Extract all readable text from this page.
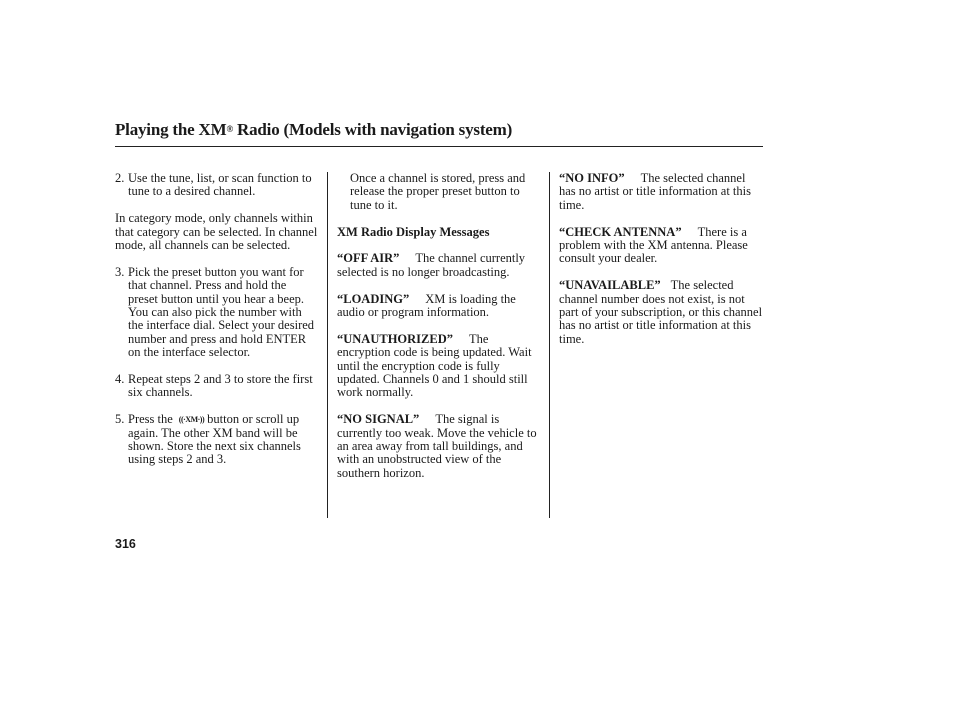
Playing the XM® Radio (Models with navigation system)
2. Use the tune, list, or scan function to tune to a desired channel.

In category mode, only channels within that category can be selected. In channel mode, all channels can be selected.

3. Pick the preset button you want for that channel. Press and hold the preset button until you hear a beep. You can also pick the number with the interface dial. Select your desired number and press and hold ENTER on the interface selector.
4. Repeat steps 2 and 3 to store the first six channels.
5. Press the ((·XM·)) button or scroll up again. The other XM band will be shown. Store the next six channels using steps 2 and 3.

Once a channel is stored, press and release the proper preset button to tune to it.

XM Radio Display Messages

“OFF AIR” The channel currently selected is no longer broadcasting.

“LOADING” XM is loading the audio or program information.

“UNAUTHORIZED” The encryption code is being updated. Wait until the encryption code is fully updated. Channels 0 and 1 should still work normally.

“NO SIGNAL” The signal is currently too weak. Move the vehicle to an area away from tall buildings, and with an unobstructed view of the southern horizon.

“NO INFO” The selected channel has no artist or title information at this time.

“CHECK ANTENNA” There is a problem with the XM antenna. Please consult your dealer.

“UNAVAILABLE” The selected channel number does not exist, is not part of your subscription, or this channel has no artist or title information at this time.

316
